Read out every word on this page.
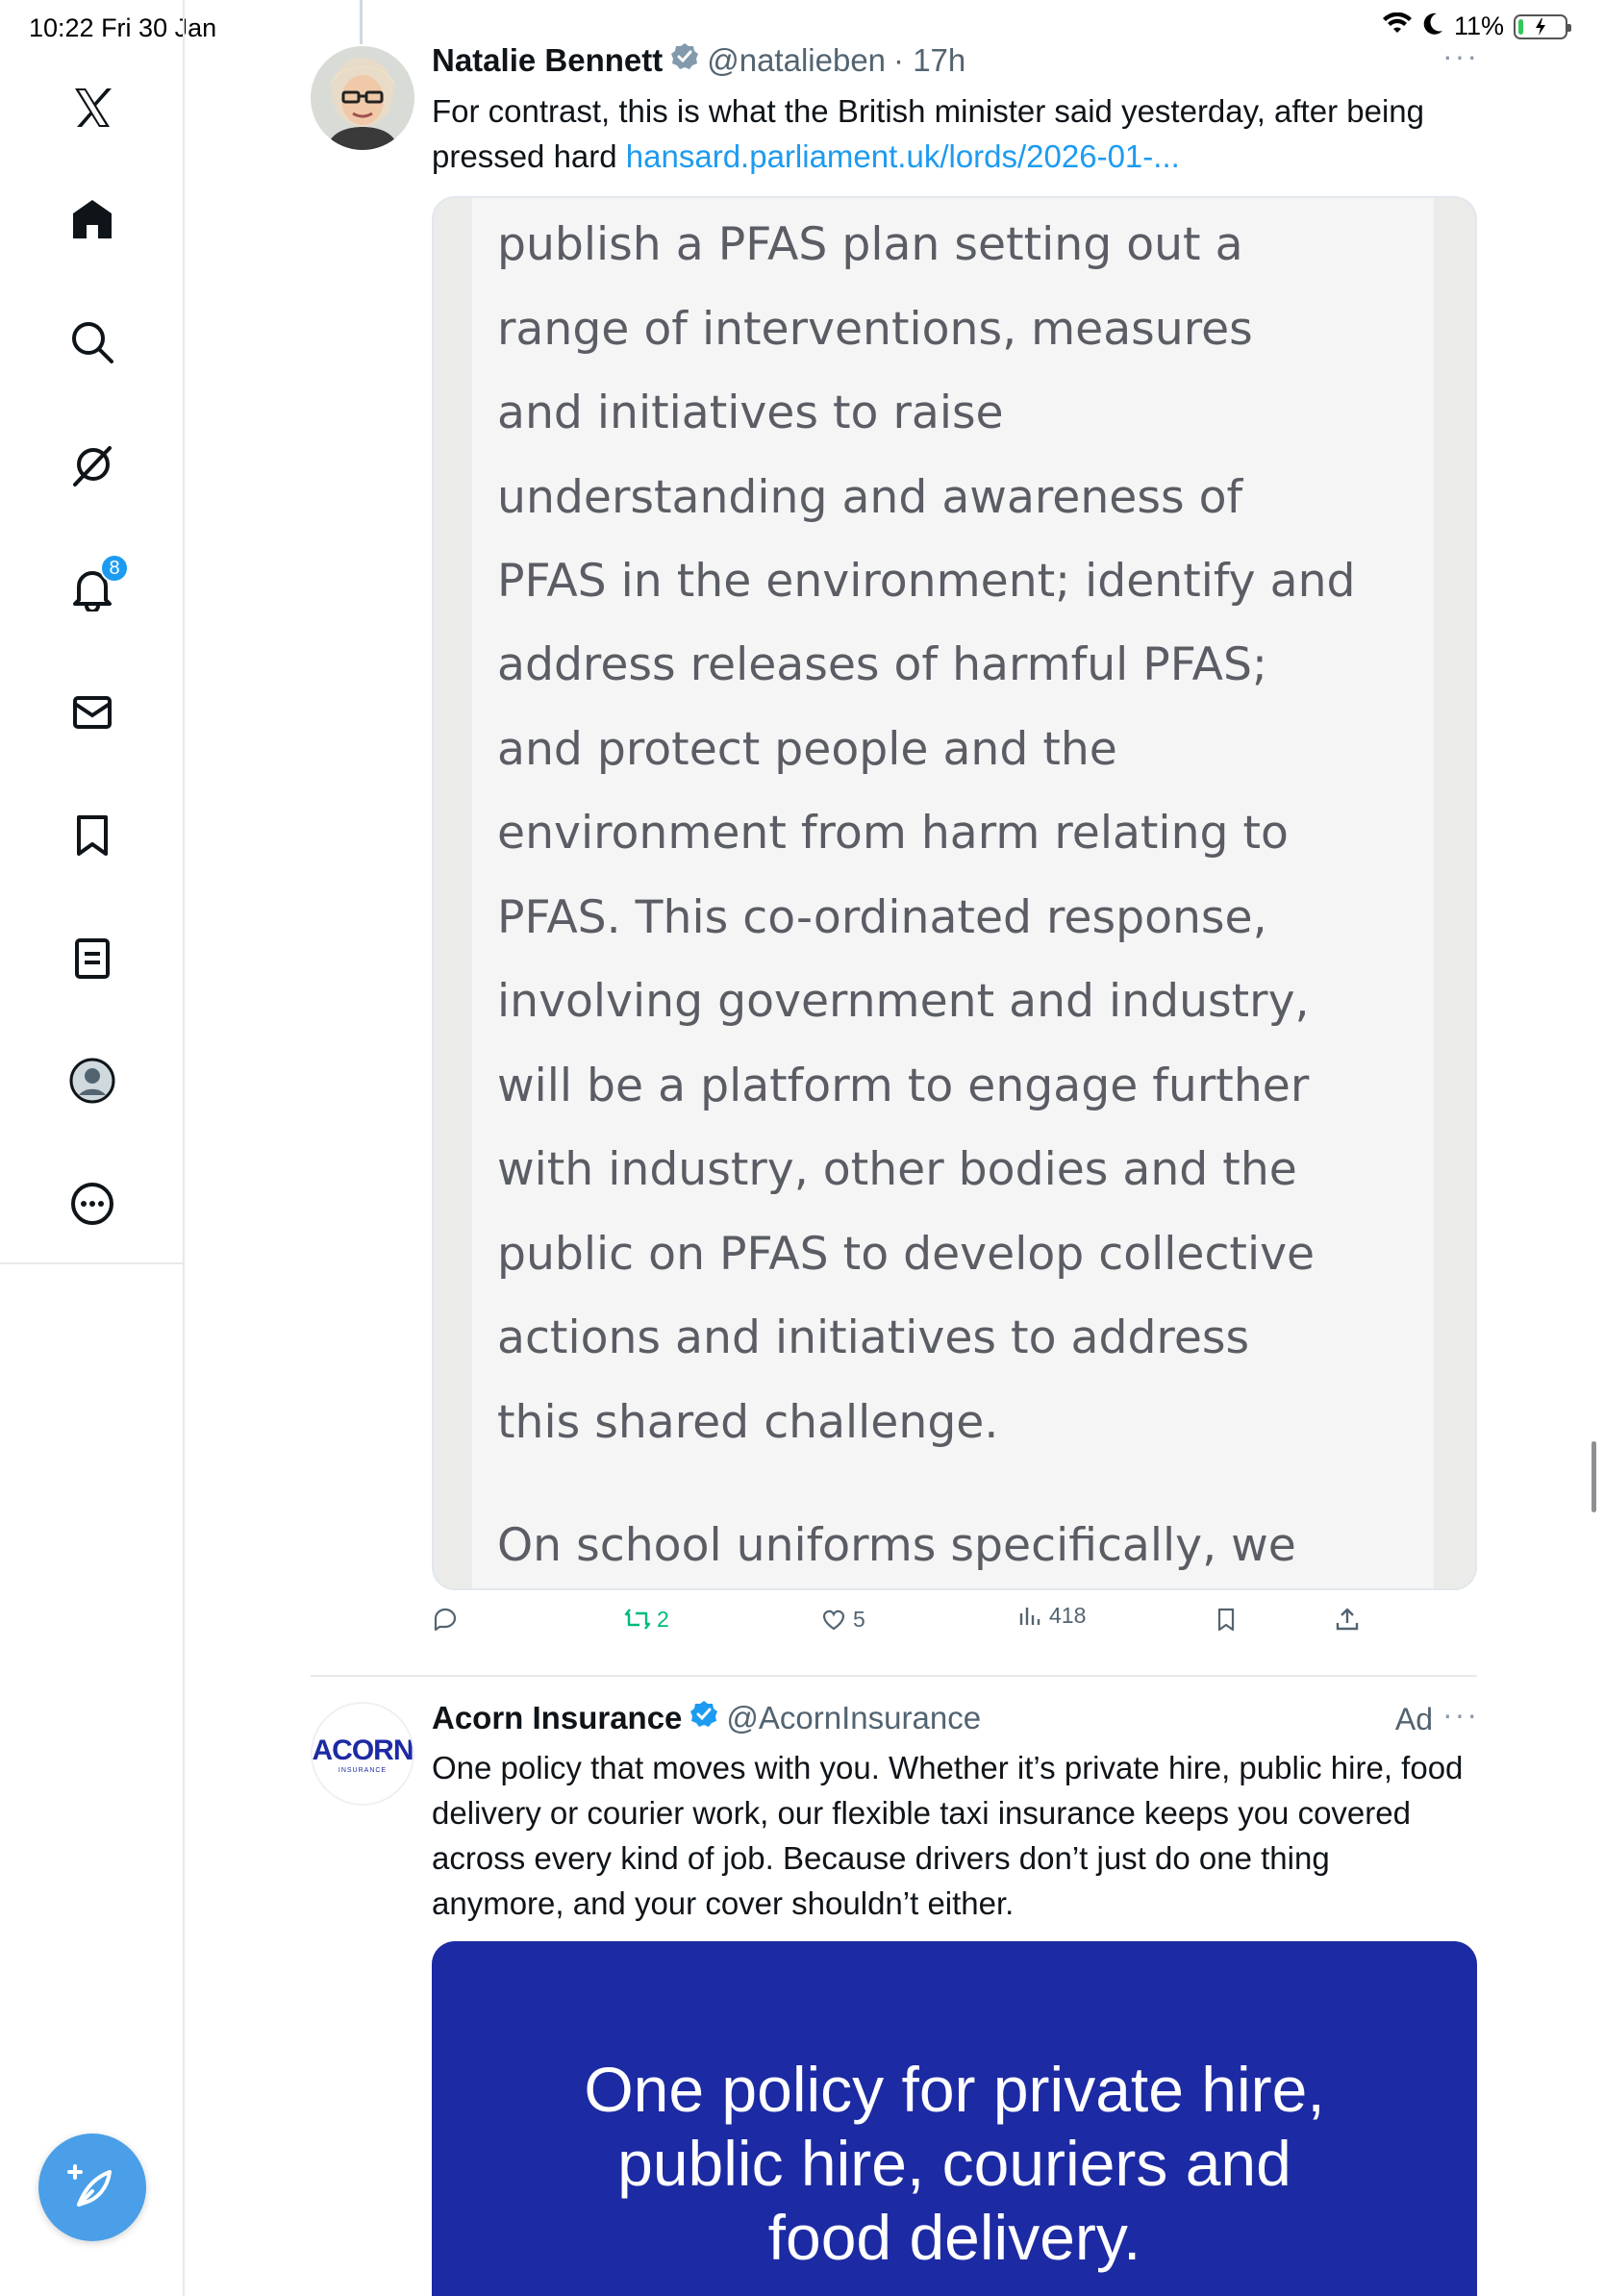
10:22 Fri 30 Jan	11%
8
Natalie Bennett @natalieben · 17h	···
For contrast, this is what the British minister said yesterday, after being pressed hard hansard.parliament.uk/lords/2026-01-...
publish a PFAS plan setting out a
range of interventions, measures
and initiatives to raise
understanding and awareness of
PFAS in the environment; identify and
address releases of harmful PFAS;
and protect people and the
environment from harm relating to
PFAS. This co-ordinated response,
involving government and industry,
will be a platform to engage further
with industry, other bodies and the
public on PFAS to develop collective
actions and initiatives to address
this shared challenge.
On school uniforms specifically, we
2	5	418
ACORN
INSURANCE
Acorn Insurance @AcornInsurance	Ad ···
One policy that moves with you. Whether it’s private hire, public hire, food delivery or courier work, our flexible taxi insurance keeps you covered across every kind of job. Because drivers don’t just do one thing anymore, and your cover shouldn’t either.
One policy for private hire,
public hire, couriers and
food delivery.
